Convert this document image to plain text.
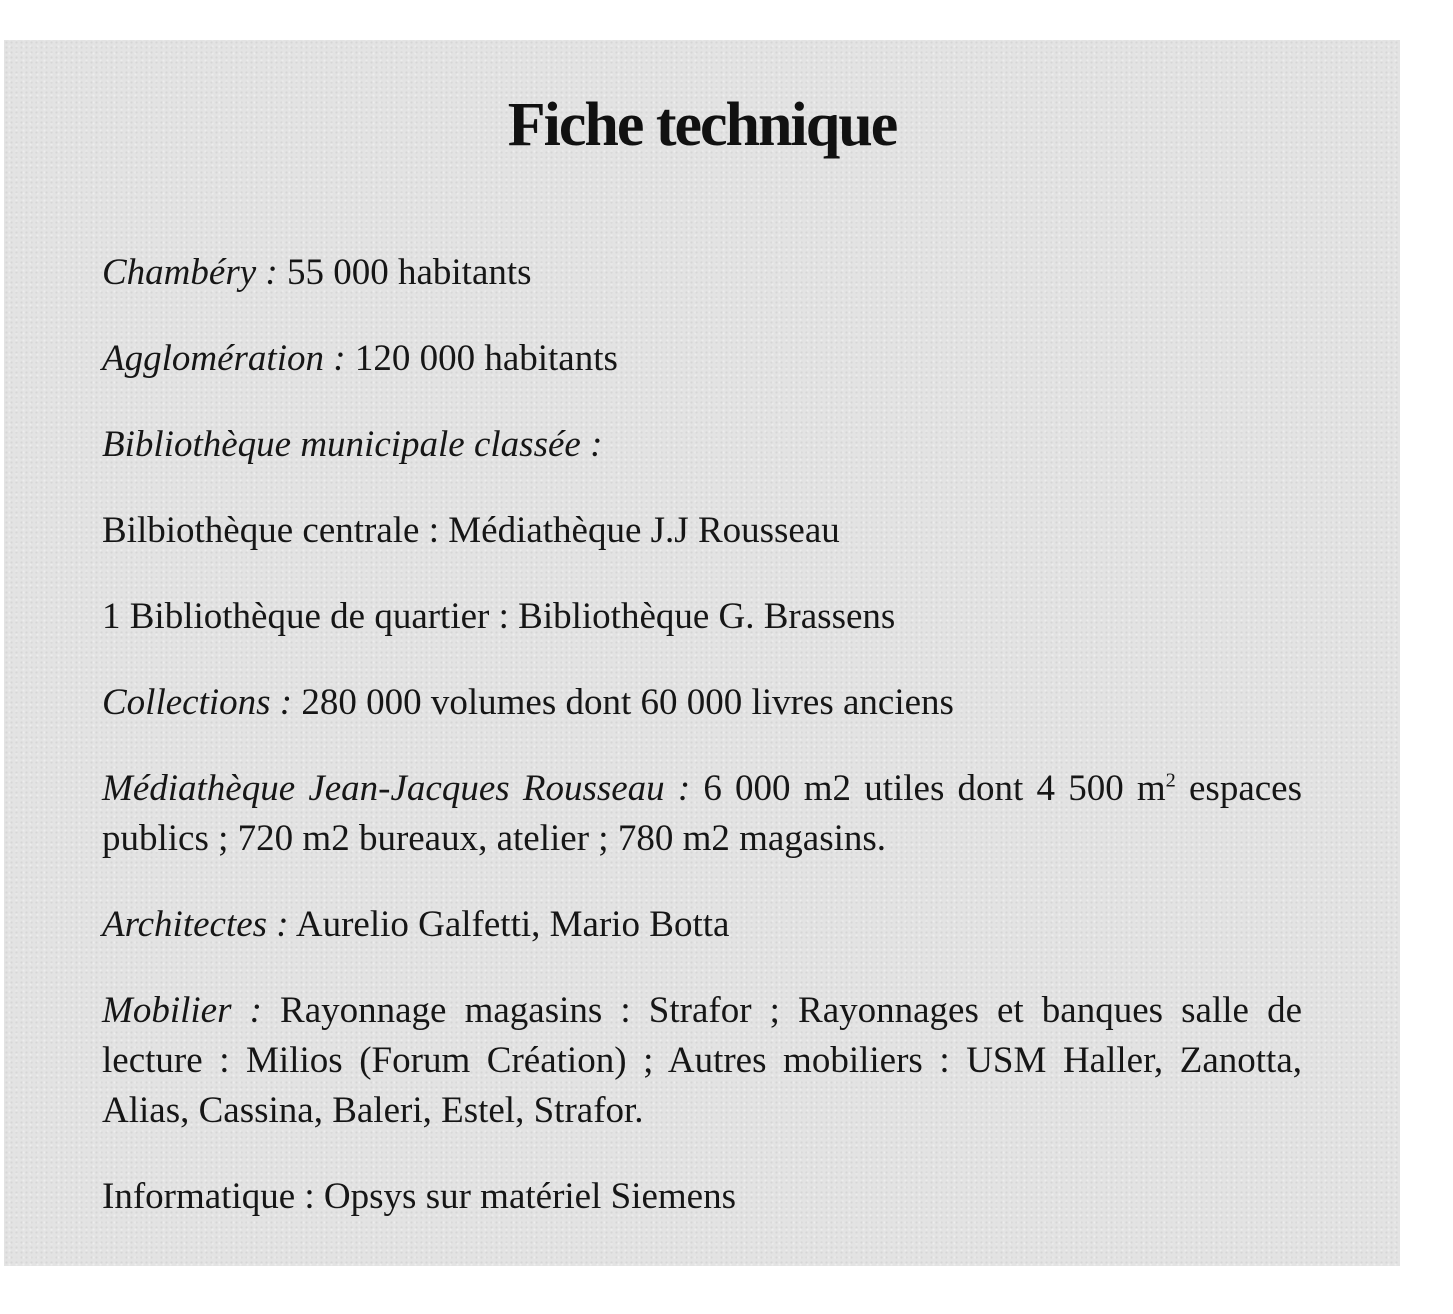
Fiche technique

Chambéry : 55 000 habitants

Agglomération : 120 000 habitants

Bibliothèque municipale classée :

Bilbiothèque centrale : Médiathèque J.J Rousseau

1 Bibliothèque de quartier : Bibliothèque G. Brassens

Collections : 280 000 volumes dont 60 000 livres anciens

Médiathèque Jean-Jacques Rousseau : 6 000 m2 utiles dont 4 500 $m^2$ espaces publics ; 720 m2 bureaux, atelier ; 780 m2 magasins.

Architectes : Aurelio Galfetti, Mario Botta

Mobilier : Rayonnage magasins : Strafor ; Rayonnages et banques salle de lecture : Milios (Forum Création) ; Autres mobiliers : USM Haller, Zanotta, Alias, Cassina, Baleri, Estel, Strafor.

Informatique : Opsys sur matériel Siemens
